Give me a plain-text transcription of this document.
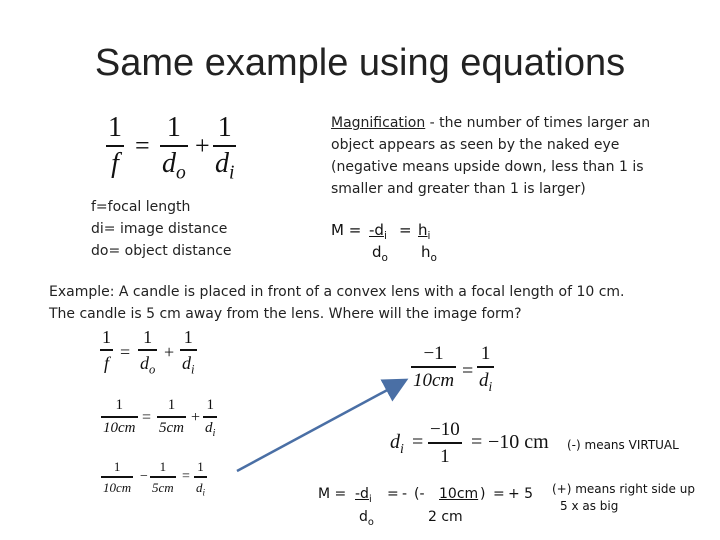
Same example using equations
1
f
=
1
$d_o$
+
1
$d_i$
f=focal length
di= image distance
do= object distance
Magnification - the number of times larger an
object appears as seen by the naked eye
(negative means upside down, less than 1 is
smaller and greater than 1 is larger)
$M = -d_i = h_i$
$d_o$ $h_o$
Example: A candle is placed in front of a convex lens with a focal length of 10 cm.
The candle is 5 cm away from the lens. Where will the image form?
1
f
=
1
$d_o$
+
1
$d_i$
1
10cm
=
1
5cm
+
1
$d_i$
1
10cm
−
1
5cm
=
1
$d_i$
−1
10cm =
1
$d_i$
$d_i$ =
−10
1
= −10 cm (-) means VIRTUAL
(+) means right side up
5 x as big
$M = -d_i$ = - (- 10cm ) = + 5
$d_o$	2 cm
